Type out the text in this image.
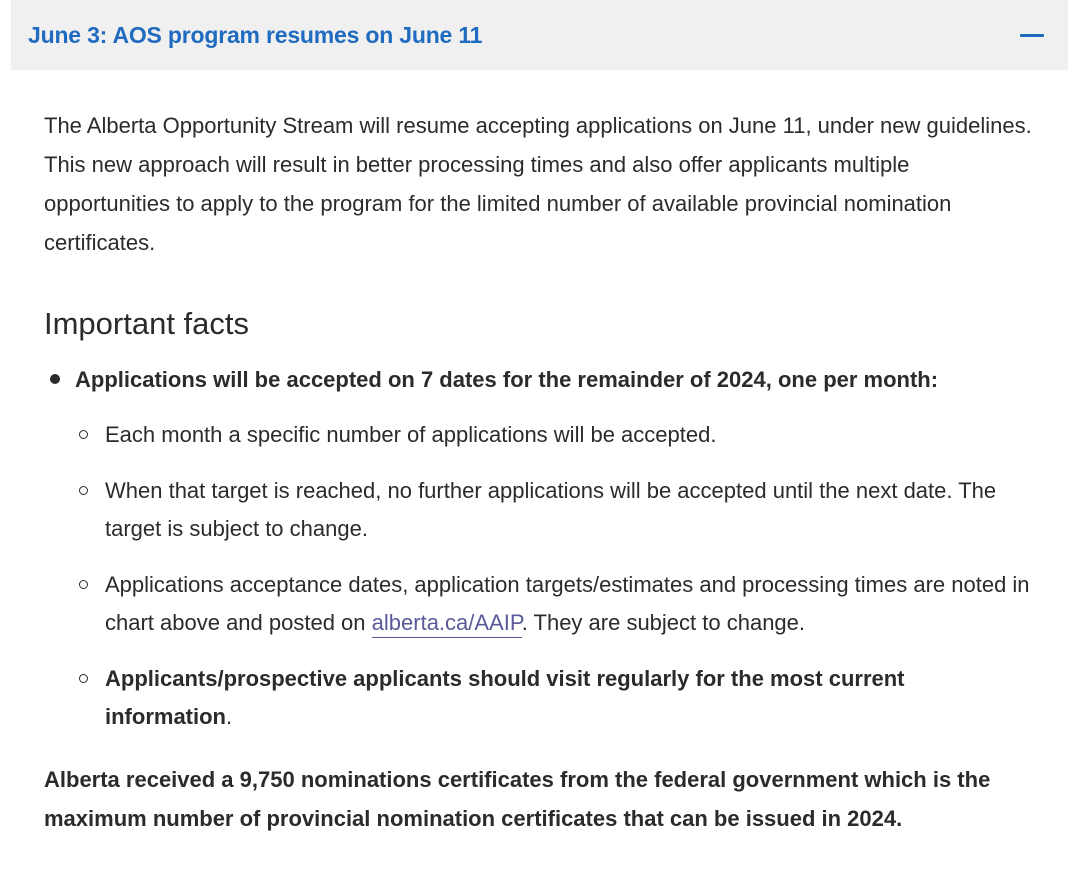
June 3: AOS program resumes on June 11

The Alberta Opportunity Stream will resume accepting applications on June 11, under new guidelines. This new approach will result in better processing times and also offer applicants multiple opportunities to apply to the program for the limited number of available provincial nomination certificates.

Important facts
Applications will be accepted on 7 dates for the remainder of 2024, one per month:
Each month a specific number of applications will be accepted.
When that target is reached, no further applications will be accepted until the next date. The target is subject to change.
Applications acceptance dates, application targets/estimates and processing times are noted in chart above and posted on alberta.ca/AAIP. They are subject to change.
Applicants/prospective applicants should visit regularly for the most current information.

Alberta received a 9,750 nominations certificates from the federal government which is the maximum number of provincial nomination certificates that can be issued in 2024.
